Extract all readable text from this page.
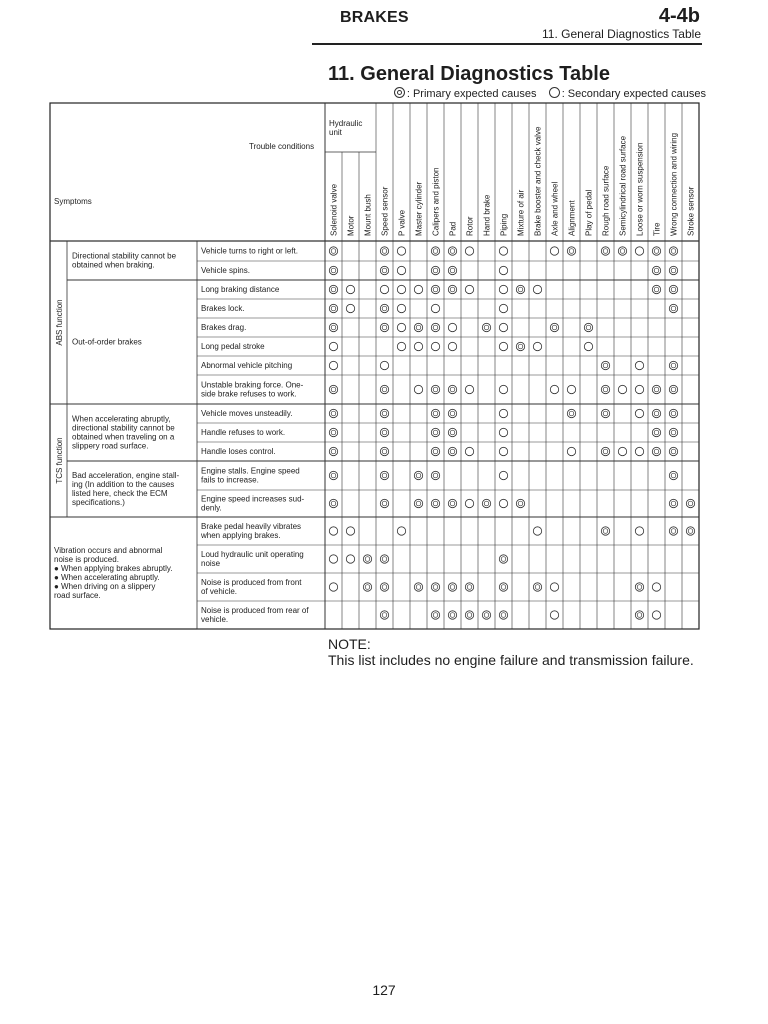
BRAKES	4-4b
11. General Diagnostics Table
11. General Diagnostics Table
: Primary expected causes : Secondary expected causes
Solenoid valve Motor Mount bush Speed sensor P valve Master cylinder Calipers and piston Pad Rotor Hand brake Piping Mixture of air Brake booster and check valve Axle and wheel Alignment Play of pedal Rough road surface Semicylindrical road surface Loose or worn suspension Tire Wrong connection and wiring Stroke sensor
Hydraulic
unit
Trouble conditions
Symptoms
ABS function
TCS function
Directional stability cannot be
obtained when braking.
Out-of-order brakes
When accelerating abruptly,
directional stability cannot be
obtained when traveling on a
slippery road surface.
Bad acceleration, engine stall-
ing (In addition to the causes
listed here, check the ECM
specifications.)
Vibration occurs and abnormal
noise is produced.
● When applying brakes abruptly.
● When accelerating abruptly.
● When driving on a slippery
road surface.
Vehicle turns to right or left.
Vehicle spins.
Long braking distance
Brakes lock.
Brakes drag.
Long pedal stroke
Abnormal vehicle pitching
Unstable braking force. One-
side brake refuses to work.
Vehicle moves unsteadily.
Handle refuses to work.
Handle loses control.
Engine stalls. Engine speed
fails to increase.
Engine speed increases sud-
denly.
Brake pedal heavily vibrates
when applying brakes.
Loud hydraulic unit operating
noise
Noise is produced from front
of vehicle.
Noise is produced from rear of
vehicle.
NOTE:
This list includes no engine failure and transmission failure.
127
